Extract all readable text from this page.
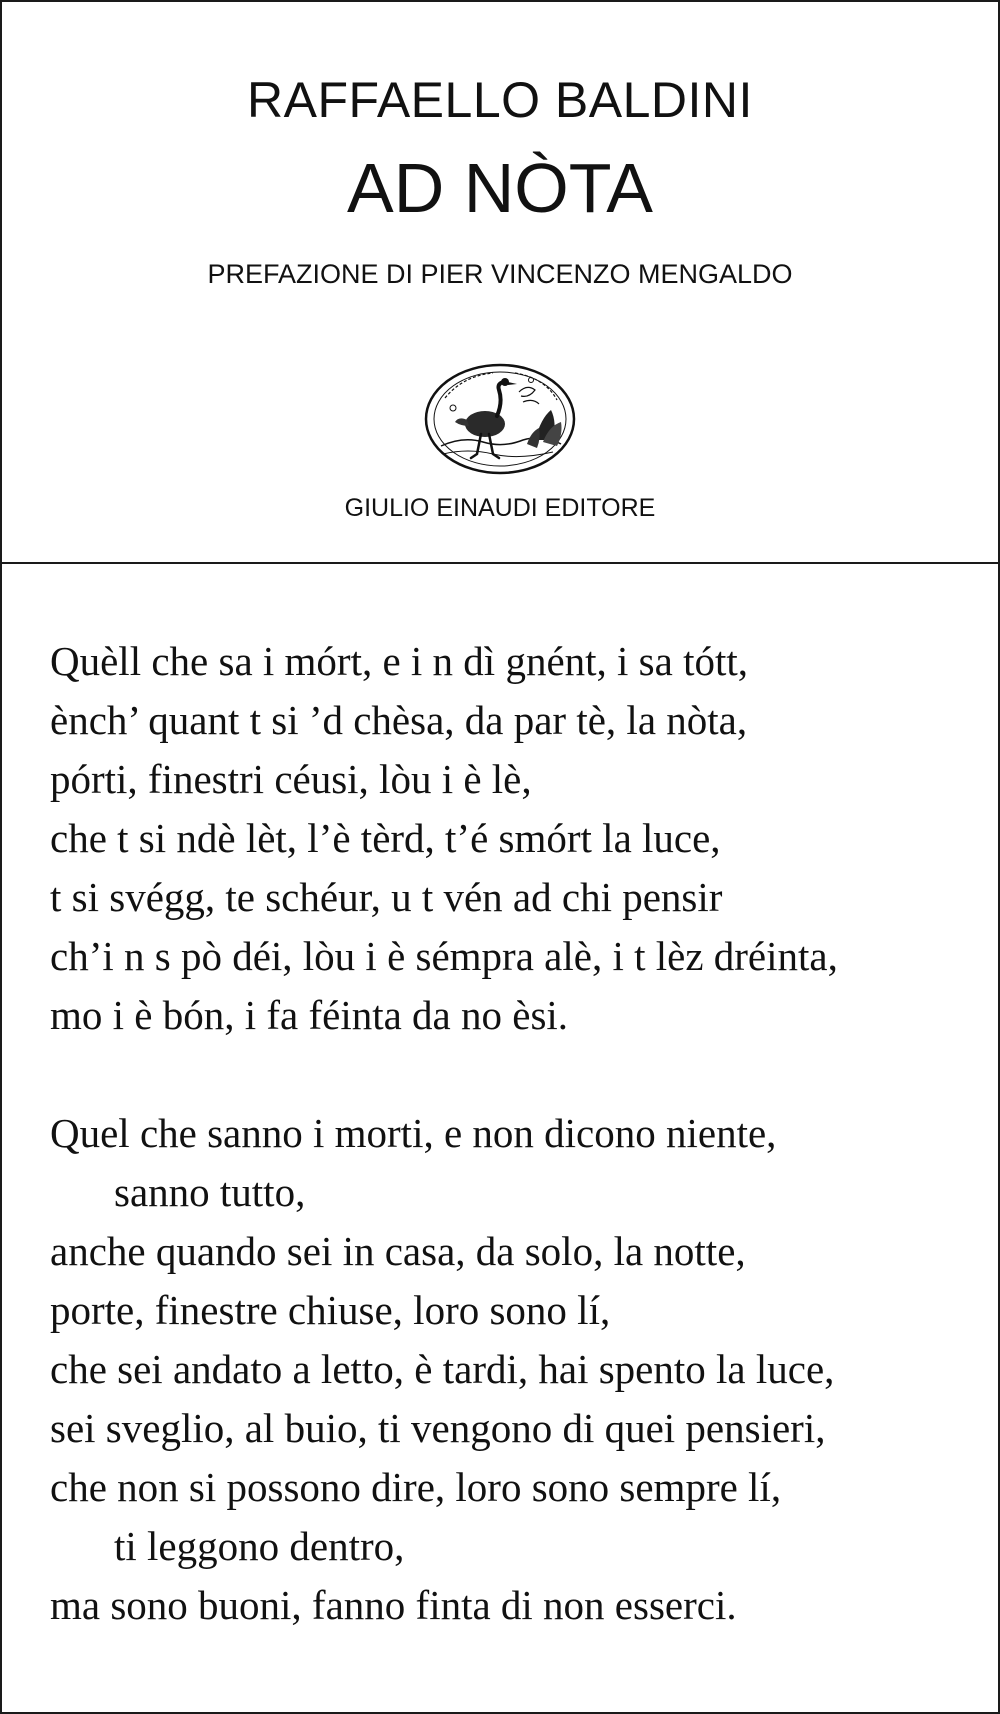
RAFFAELLO BALDINI
AD NÒTA
PREFAZIONE DI PIER VINCENZO MENGALDO
GIULIO EINAUDI EDITORE
Quèll che sa i mórt, e i n dì gnént, i sa tótt,
ènch’ quant t si ’d chèsa, da par tè, la nòta,
pórti, finestri céusi, lòu i è lè,
che t si ndè lèt, l’è tèrd, t’é smórt la luce,
t si svégg, te schéur, u t vén ad chi pensir
ch’i n s pò déi, lòu i è sémpra alè, i t lèz dréinta,
mo i è bón, i fa féinta da no èsi.
Quel che sanno i morti, e non dicono niente,
sanno tutto,
anche quando sei in casa, da solo, la notte,
porte, finestre chiuse, loro sono lí,
che sei andato a letto, è tardi, hai spento la luce,
sei sveglio, al buio, ti vengono di quei pensieri,
che non si possono dire, loro sono sempre lí,
ti leggono dentro,
ma sono buoni, fanno finta di non esserci.
